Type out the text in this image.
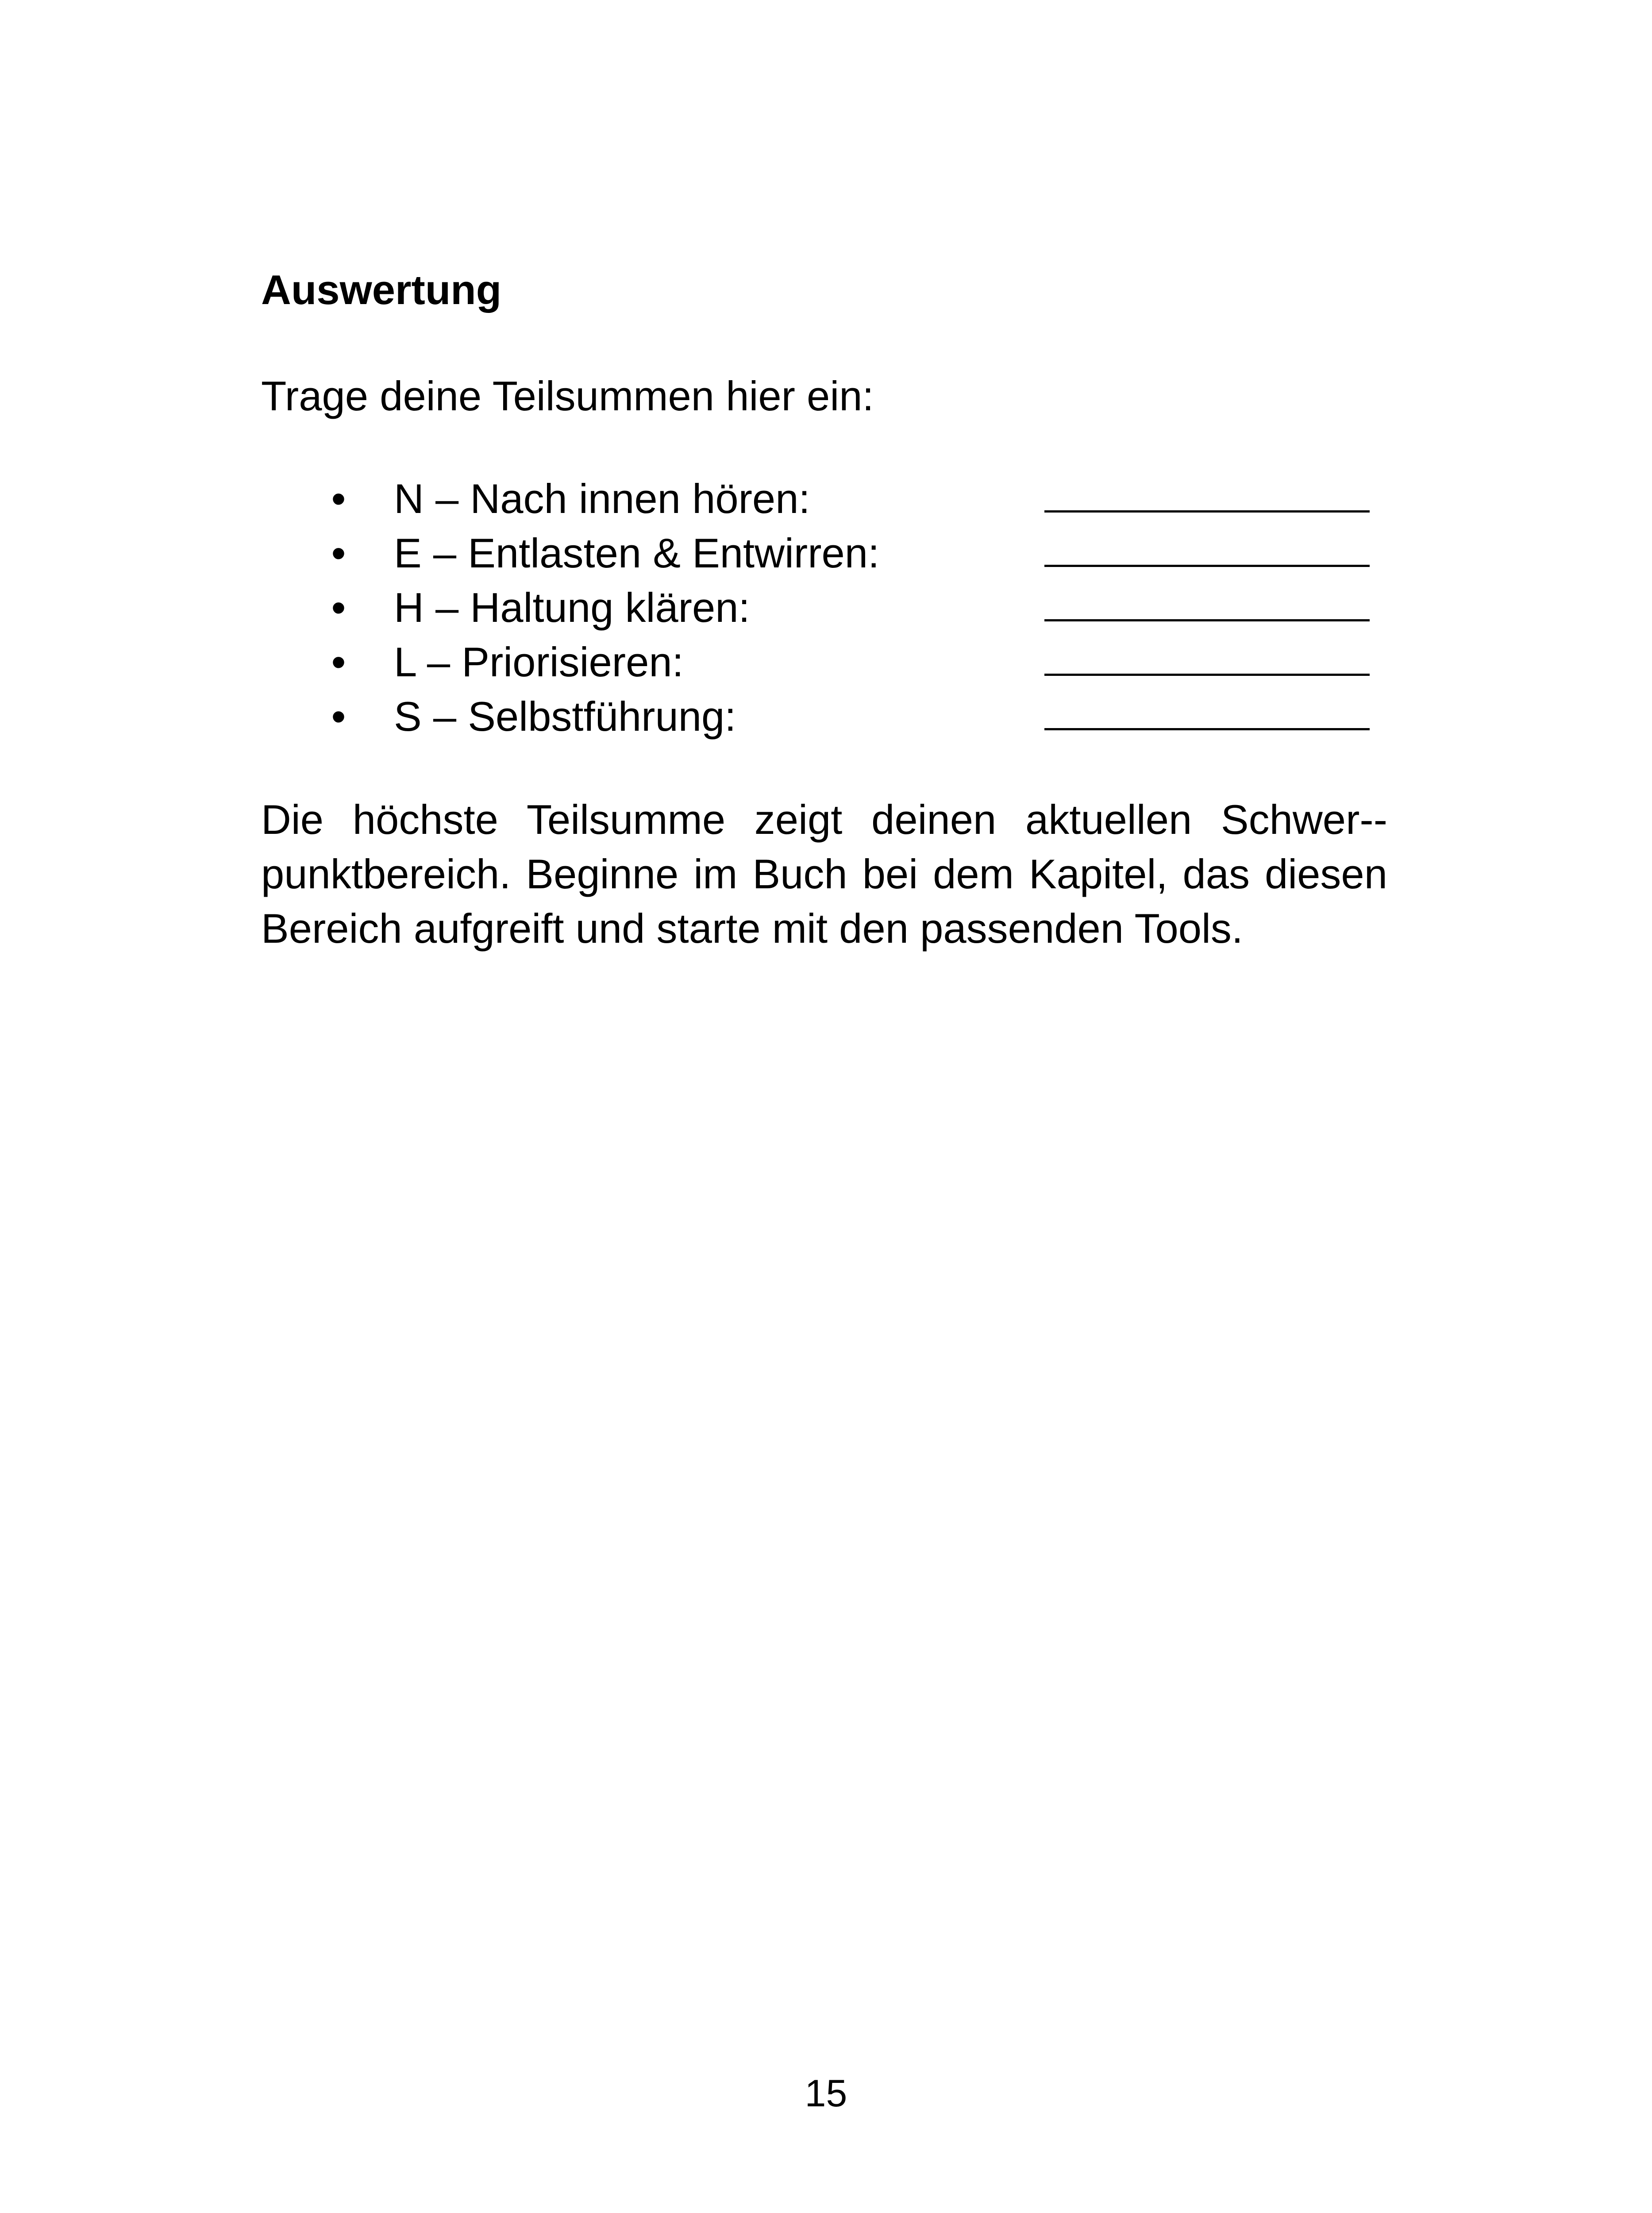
Auswertung

Trage deine Teilsummen hier ein:

• N – Nach innen hören:
• E – Entlasten & Entwirren:
• H – Haltung klären:
• L – Priorisieren:
• S – Selbstführung:

Die höchste Teilsumme zeigt deinen aktuellen Schwer-punktbereich. Beginne im Buch bei dem Kapitel, das diesen Bereich aufgreift und starte mit den passenden Tools.

15
